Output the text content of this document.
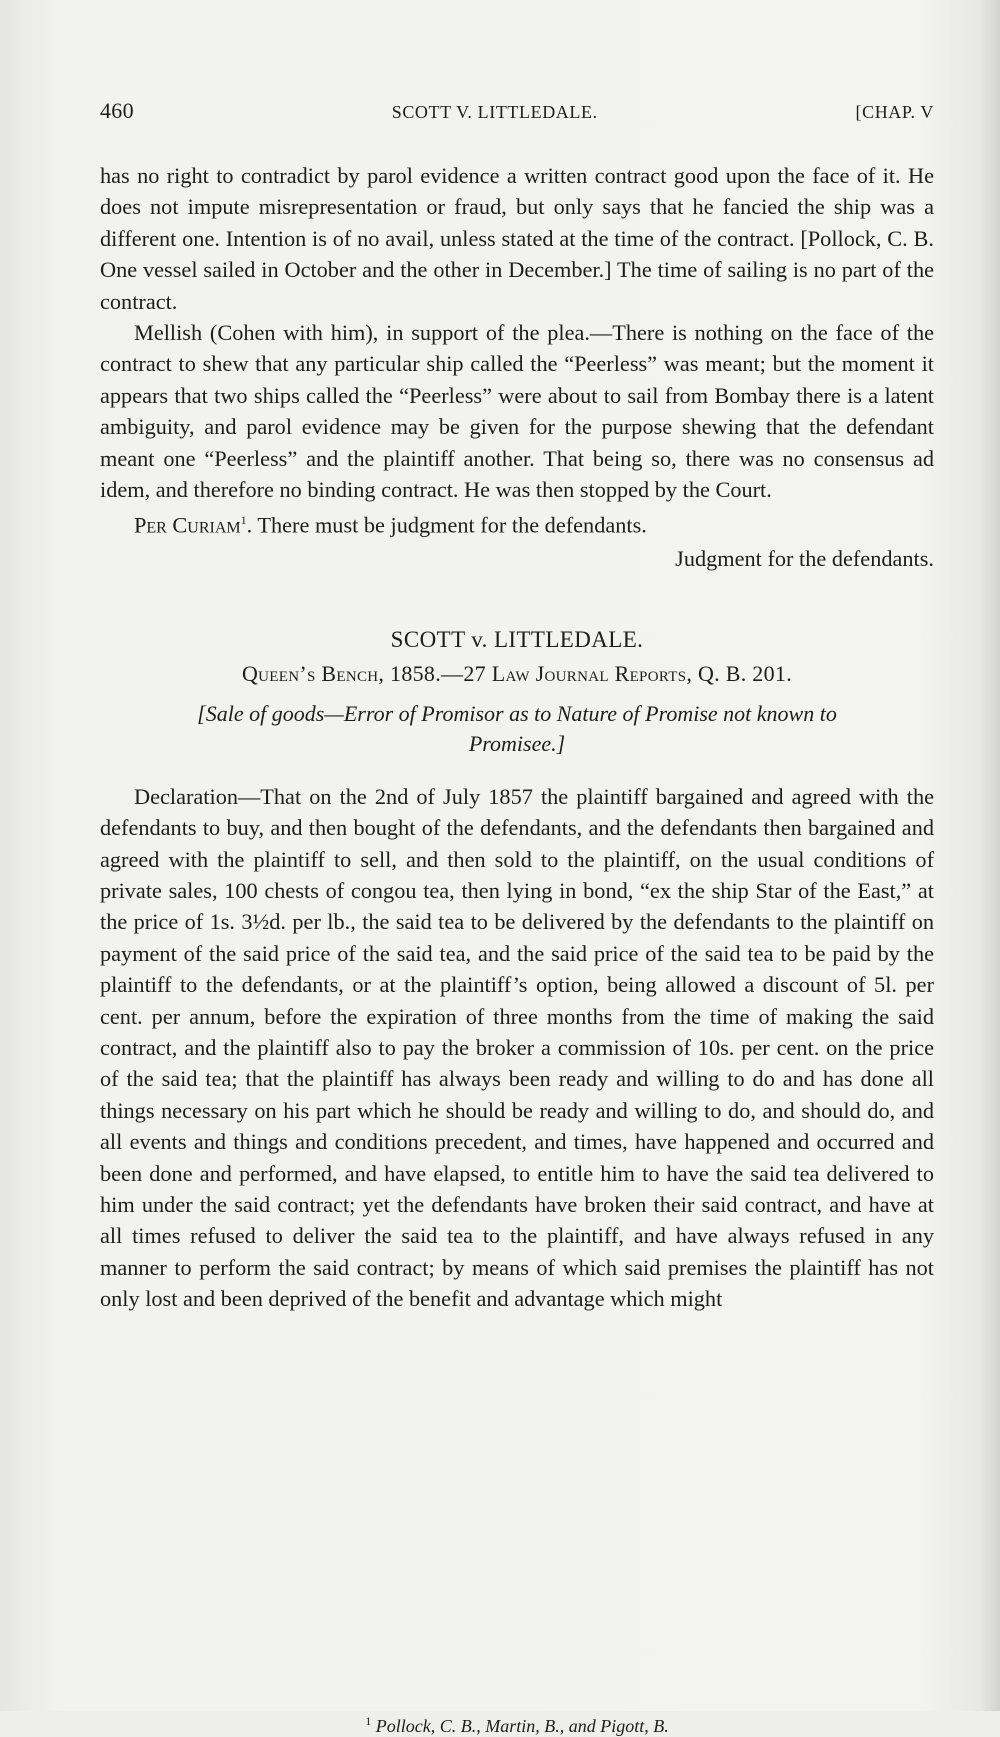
460	SCOTT V. LITTLEDALE.	[CHAP. V

has no right to contradict by parol evidence a written contract good upon the face of it. He does not impute misrepresentation or fraud, but only says that he fancied the ship was a different one. Intention is of no avail, unless stated at the time of the contract. [Pollock, C. B. One vessel sailed in October and the other in December.] The time of sailing is no part of the contract.

Mellish (Cohen with him), in support of the plea.—There is nothing on the face of the contract to shew that any particular ship called the “Peerless” was meant; but the moment it appears that two ships called the “Peerless” were about to sail from Bombay there is a latent ambiguity, and parol evidence may be given for the purpose shewing that the defendant meant one “Peerless” and the plaintiff another. That being so, there was no consensus ad idem, and therefore no binding contract. He was then stopped by the Court.

Per Curiam$^1$. There must be judgment for the defendants.

Judgment for the defendants.

SCOTT v. LITTLEDALE.
Queen’s Bench, 1858.—27 Law Journal Reports, Q. B. 201.
[Sale of goods—Error of Promisor as to Nature of Promise not known to Promisee.]

Declaration—That on the 2nd of July 1857 the plaintiff bargained and agreed with the defendants to buy, and then bought of the defendants, and the defendants then bargained and agreed with the plaintiff to sell, and then sold to the plaintiff, on the usual conditions of private sales, 100 chests of congou tea, then lying in bond, “ex the ship Star of the East,” at the price of 1s. 3½d. per lb., the said tea to be delivered by the defendants to the plaintiff on payment of the said price of the said tea, and the said price of the said tea to be paid by the plaintiff to the defendants, or at the plaintiff’s option, being allowed a discount of 5l. per cent. per annum, before the expiration of three months from the time of making the said contract, and the plaintiff also to pay the broker a commission of 10s. per cent. on the price of the said tea; that the plaintiff has always been ready and willing to do and has done all things necessary on his part which he should be ready and willing to do, and should do, and all events and things and conditions precedent, and times, have happened and occurred and been done and performed, and have elapsed, to entitle him to have the said tea delivered to him under the said contract; yet the defendants have broken their said contract, and have at all times refused to deliver the said tea to the plaintiff, and have always refused in any manner to perform the said contract; by means of which said premises the plaintiff has not only lost and been deprived of the benefit and advantage which might

$^1$ Pollock, C. B., Martin, B., and Pigott, B.
